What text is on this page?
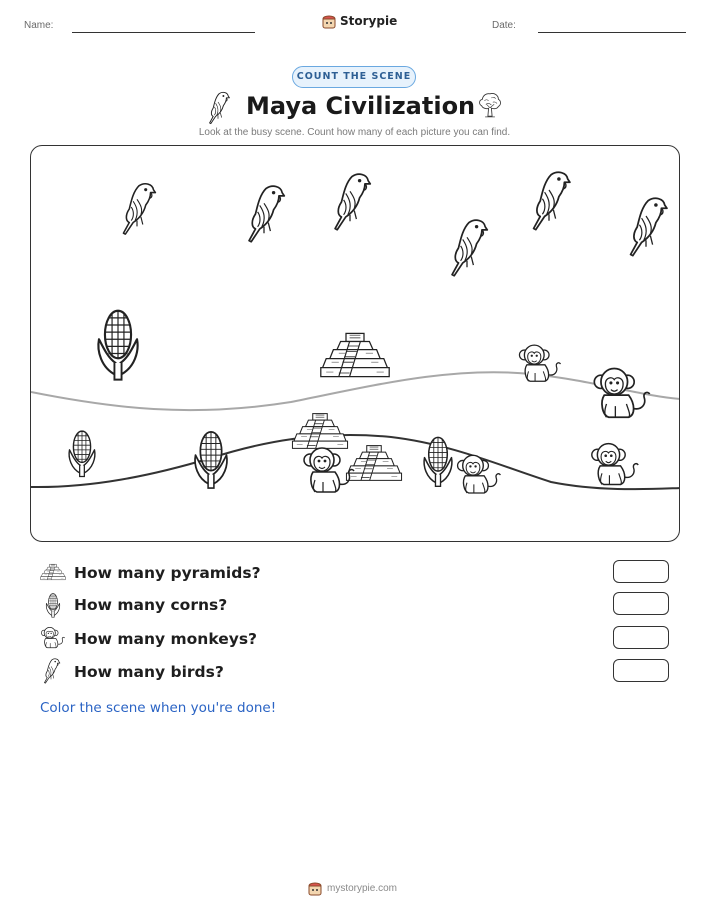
Name:	Storypie	Date:
COUNT THE SCENE
Maya Civilization
Look at the busy scene. Count how many of each picture you can find.
How many pyramids?
How many corns?
How many monkeys?
How many birds?
Color the scene when you're done!
mystorypie.com
